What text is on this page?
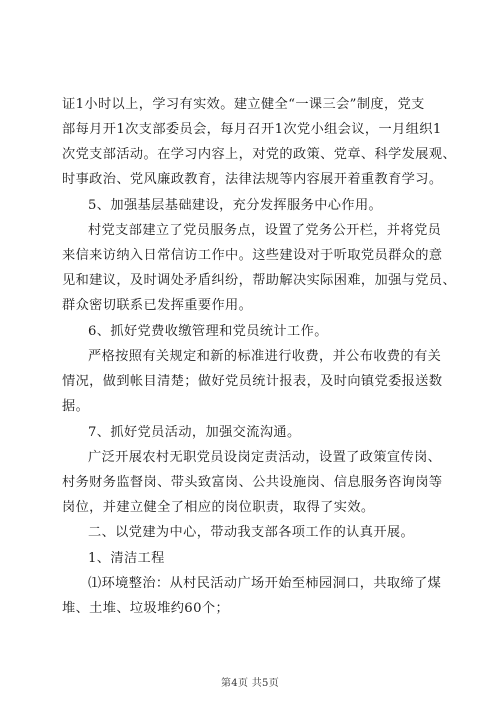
证1小时以上，学习有实效。建立健全“一课三会”制度，党支
部每月开1次支部委员会，每月召开1次党小组会议，一月组织1
次党支部活动。在学习内容上，对党的政策、党章、科学发展观、
时事政治、党风廉政教育，法律法规等内容展开着重教育学习。
5、加强基层基础建设，充分发挥服务中心作用。
村党支部建立了党员服务点，设置了党务公开栏，并将党员
来信来访纳入日常信访工作中。这些建设对于听取党员群众的意
见和建议，及时调处矛盾纠纷，帮助解决实际困难，加强与党员、
群众密切联系已发挥重要作用。
6、抓好党费收缴管理和党员统计工作。
严格按照有关规定和新的标准进行收费，并公布收费的有关
情况，做到帐目清楚；做好党员统计报表，及时向镇党委报送数
据。
7、抓好党员活动，加强交流沟通。
广泛开展农村无职党员设岗定责活动，设置了政策宣传岗、
村务财务监督岗、带头致富岗、公共设施岗、信息服务咨询岗等
岗位，并建立健全了相应的岗位职责，取得了实效。
二、以党建为中心，带动我支部各项工作的认真开展。
1、清洁工程
⑴环境整治：从村民活动广场开始至柿园洞口，共取缔了煤
堆、土堆、垃圾堆约60个；
第4页 共5页
